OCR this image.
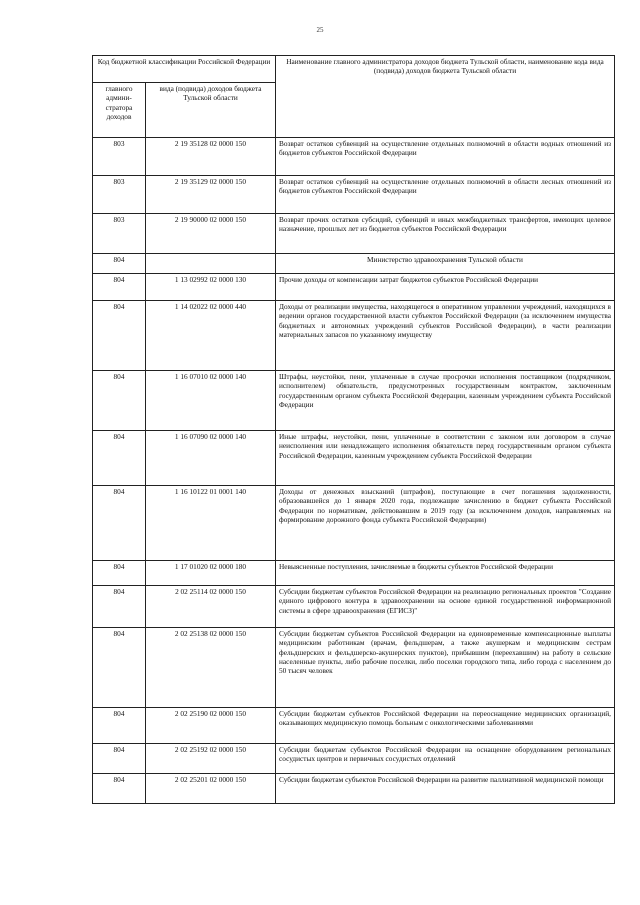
25
Код бюджетной классификации Российской Федерации		Наименование главного администратора доходов бюджета Тульской области, наименование кода вида (подвида) доходов бюджета Тульской области
главного админи-стратора доходов	вида (подвида) доходов бюджета Тульской области	
803	2 19 35128 02 0000 150	Возврат остатков субвенций на осуществление отдельных полномочий в области водных отношений из бюджетов субъектов Российской Федерации
803	2 19 35129 02 0000 150	Возврат остатков субвенций на осуществление отдельных полномочий в области лесных отношений из бюджетов субъектов Российской Федерации
803	2 19 90000 02 0000 150	Возврат прочих остатков субсидий, субвенций и иных межбюджетных трансфертов, имеющих целевое назначение, прошлых лет из бюджетов субъектов Российской Федерации
804		Министерство здравоохранения Тульской области
804	1 13 02992 02 0000 130	Прочие доходы от компенсации затрат бюджетов субъектов Российской Федерации
804	1 14 02022 02 0000 440	Доходы от реализации имущества, находящегося в оперативном управлении учреждений, находящихся в ведении органов государственной власти субъектов Российской Федерации (за исключением имущества бюджетных и автономных учреждений субъектов Российской Федерации), в части реализации материальных запасов по указанному имуществу
804	1 16 07010 02 0000 140	Штрафы, неустойки, пени, уплаченные в случае просрочки исполнения поставщиком (подрядчиком, исполнителем) обязательств, предусмотренных государственным контрактом, заключенным государственным органом субъекта Российской Федерации, казенным учреждением субъекта Российской Федерации
804	1 16 07090 02 0000 140	Иные штрафы, неустойки, пени, уплаченные в соответствии с законом или договором в случае неисполнения или ненадлежащего исполнения обязательств перед государственным органом субъекта Российской Федерации, казенным учреждением субъекта Российской Федерации
804	1 16 10122 01 0001 140	Доходы от денежных взысканий (штрафов), поступающие в счет погашения задолженности, образовавшейся до 1 января 2020 года, подлежащие зачислению в бюджет субъекта Российской Федерации по нормативам, действовавшим в 2019 году (за исключением доходов, направляемых на формирование дорожного фонда субъекта Российской Федерации)
804	1 17 01020 02 0000 180	Невыясненные поступления, зачисляемые в бюджеты субъектов Российской Федерации
804	2 02 25114 02 0000 150	Субсидии бюджетам субъектов Российской Федерации на реализацию региональных проектов "Создание единого цифрового контура в здравоохранении на основе единой государственной информационной системы в сфере здравоохранения (ЕГИСЗ)"
804	2 02 25138 02 0000 150	Субсидии бюджетам субъектов Российской Федерации на единовременные компенсационные выплаты медицинским работникам (врачам, фельдшерам, а также акушеркам и медицинским сестрам фельдшерских и фельдшерско-акушерских пунктов), прибывшим (переехавшим) на работу в сельские населенные пункты, либо рабочие поселки, либо поселки городского типа, либо города с населением до 50 тысяч человек
804	2 02 25190 02 0000 150	Субсидии бюджетам субъектов Российской Федерации на переоснащение медицинских организаций, оказывающих медицинскую помощь больным с онкологическими заболеваниями
804	2 02 25192 02 0000 150	Субсидии бюджетам субъектов Российской Федерации на оснащение оборудованием региональных сосудистых центров и первичных сосудистых отделений
804	2 02 25201 02 0000 150	Субсидии бюджетам субъектов Российской Федерации на развитие паллиативной медицинской помощи
